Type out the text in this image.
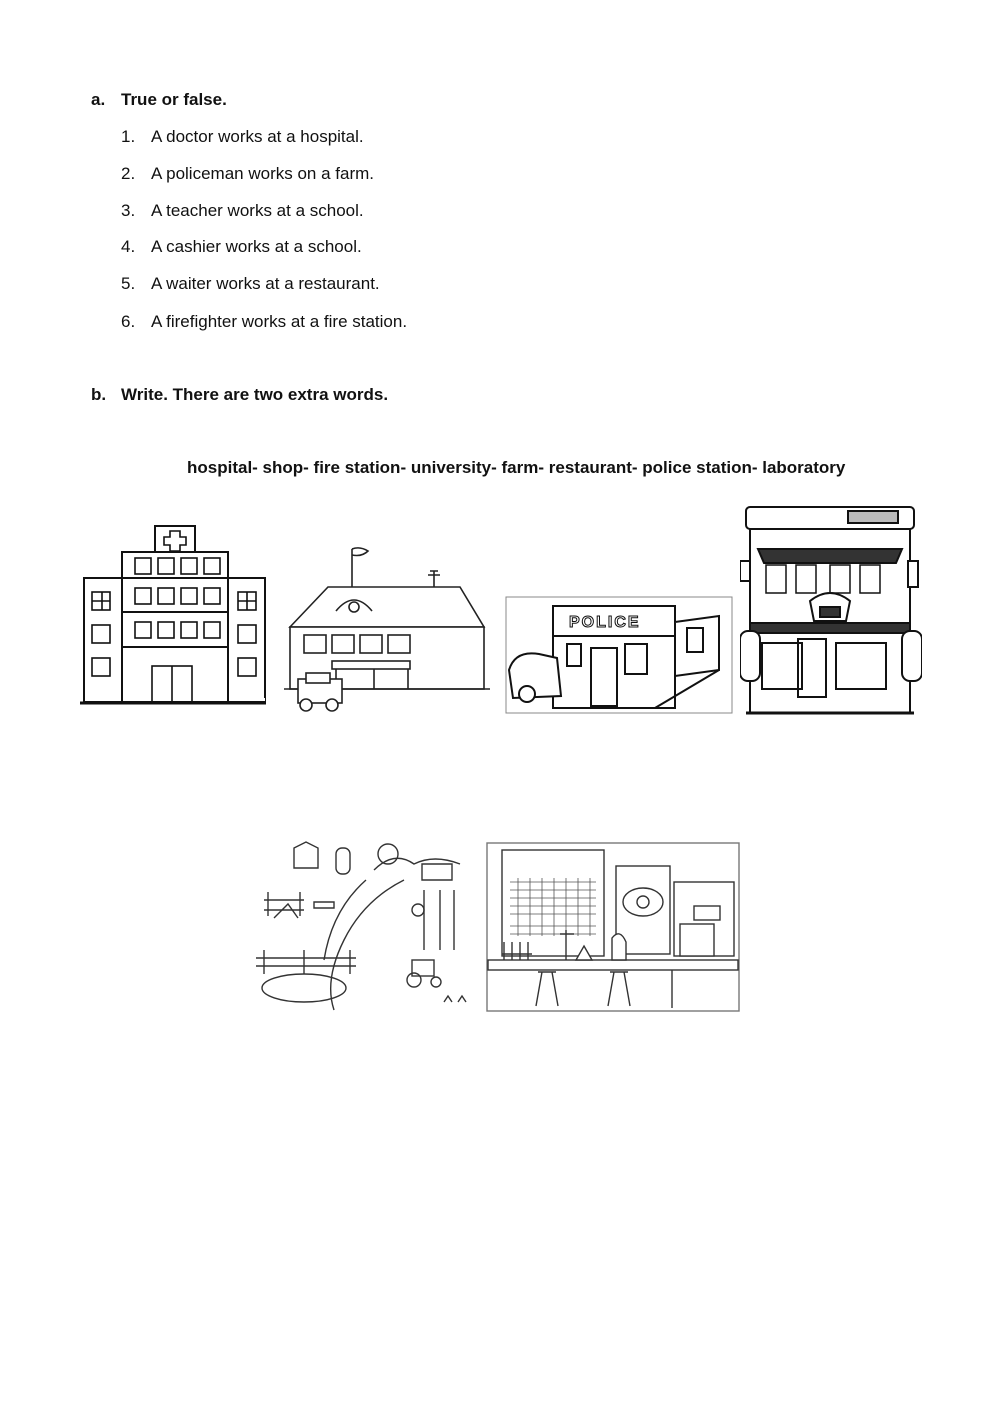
a. True or false.
1. A doctor works at a hospital.
2. A policeman works on a farm.
3. A teacher works at a school.
4. A cashier works at a school.
5. A waiter works at a restaurant.
6. A firefighter works at a fire station.
b. Write. There are two extra words.
hospital- shop- fire station- university- farm- restaurant- police station- laboratory
POLICE
